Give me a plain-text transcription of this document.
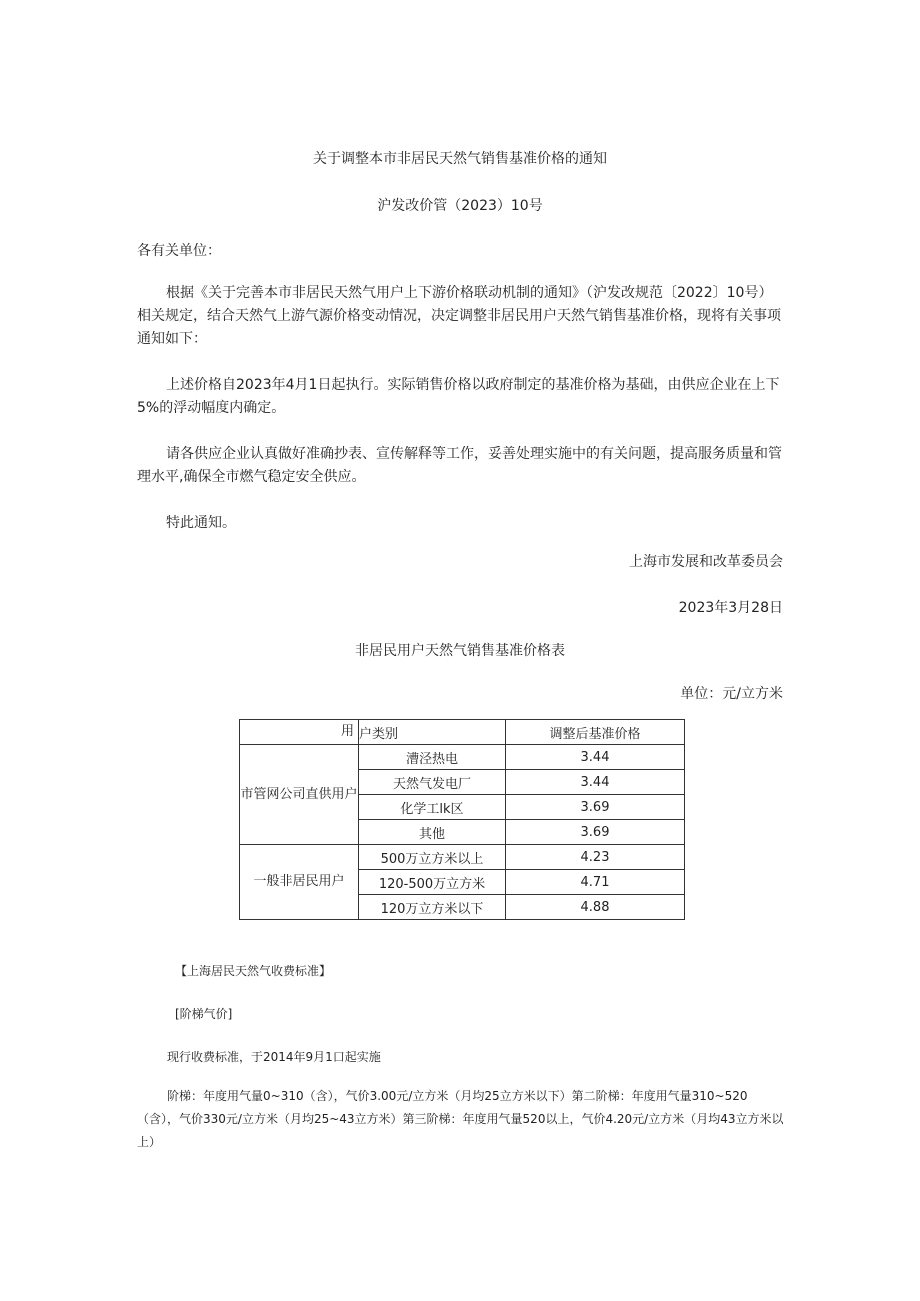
关于调整本市非居民天然气销售基准价格的通知
沪发改价管（2023）10号
各有关单位：
根据《关于完善本市非居民天然气用户上下游价格联动机制的通知》（沪发改规范〔2022〕10号）相关规定，结合天然气上游气源价格变动情况，决定调整非居民用户天然气销售基准价格，现将有关事项通知如下：
上述价格自2023年4月1日起执行。实际销售价格以政府制定的基准价格为基础，由供应企业在上下5%的浮动幅度内确定。
请各供应企业认真做好准确抄表、宣传解释等工作，妥善处理实施中的有关问题，提高服务质量和管理水平,确保全市燃气稳定安全供应。
特此通知。
上海市发展和改革委员会
2023年3月28日
非居民用户天然气销售基准价格表
单位：元/立方米
用	户类别	调整后基准价格
市管网公司直供用户	漕泾热电	3.44
	天然气发电厂	3.44
	化学工lk区	3.69
	其他	3.69
一般非居民用户	500万立方米以上	4.23
	120-500万立方米	4.71
	120万立方米以下	4.88
【上海居民天然气收费标准】
[阶梯气价]
现行收费标准，于2014年9月1口起实施
阶梯：年度用气量0~310（含），气价3.00元/立方米（月均25立方米以下）第二阶梯：年度用气量310~520（含），气价330元/立方米（月均25~43立方米）第三阶梯：年度用气量520以上，气价4.20元/立方米（月均43立方米以上）
